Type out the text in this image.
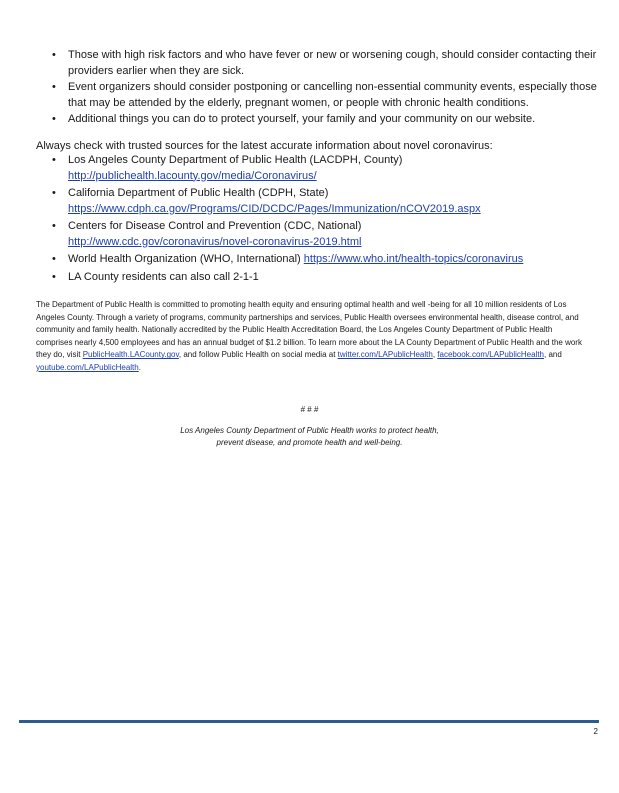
• Those with high risk factors and who have fever or new or worsening cough, should consider contacting their providers earlier when they are sick.
• Event organizers should consider postponing or cancelling non-essential community events, especially those that may be attended by the elderly, pregnant women, or people with chronic health conditions.
• Additional things you can do to protect yourself, your family and your community on our website.

Always check with trusted sources for the latest accurate information about novel coronavirus:

• Los Angeles County Department of Public Health (LACDPH, County)
http://publichealth.lacounty.gov/media/Coronavirus/
• California Department of Public Health (CDPH, State)
https://www.cdph.ca.gov/Programs/CID/DCDC/Pages/Immunization/nCOV2019.aspx
• Centers for Disease Control and Prevention (CDC, National)
http://www.cdc.gov/coronavirus/novel-coronavirus-2019.html
• World Health Organization (WHO, International) https://www.who.int/health-topics/coronavirus
• LA County residents can also call 2-1-1

The Department of Public Health is committed to promoting health equity and ensuring optimal health and well -being for all 10 million residents of Los Angeles County. Through a variety of programs, community partnerships and services, Public Health oversees environmental health, disease control, and community and family health. Nationally accredited by the Public Health Accreditation Board, the Los Angeles County Department of Public Health comprises nearly 4,500 employees and has an annual budget of $1.2 billion. To learn more about the LA County Department of Public Health and the work they do, visit PublicHealth.LACounty.gov, and follow Public Health on social media at twitter.com/LAPublicHealth, facebook.com/LAPublicHealth, and youtube.com/LAPublicHealth.

# # #

Los Angeles County Department of Public Health works to protect health,
prevent disease, and promote health and well-being.

2
